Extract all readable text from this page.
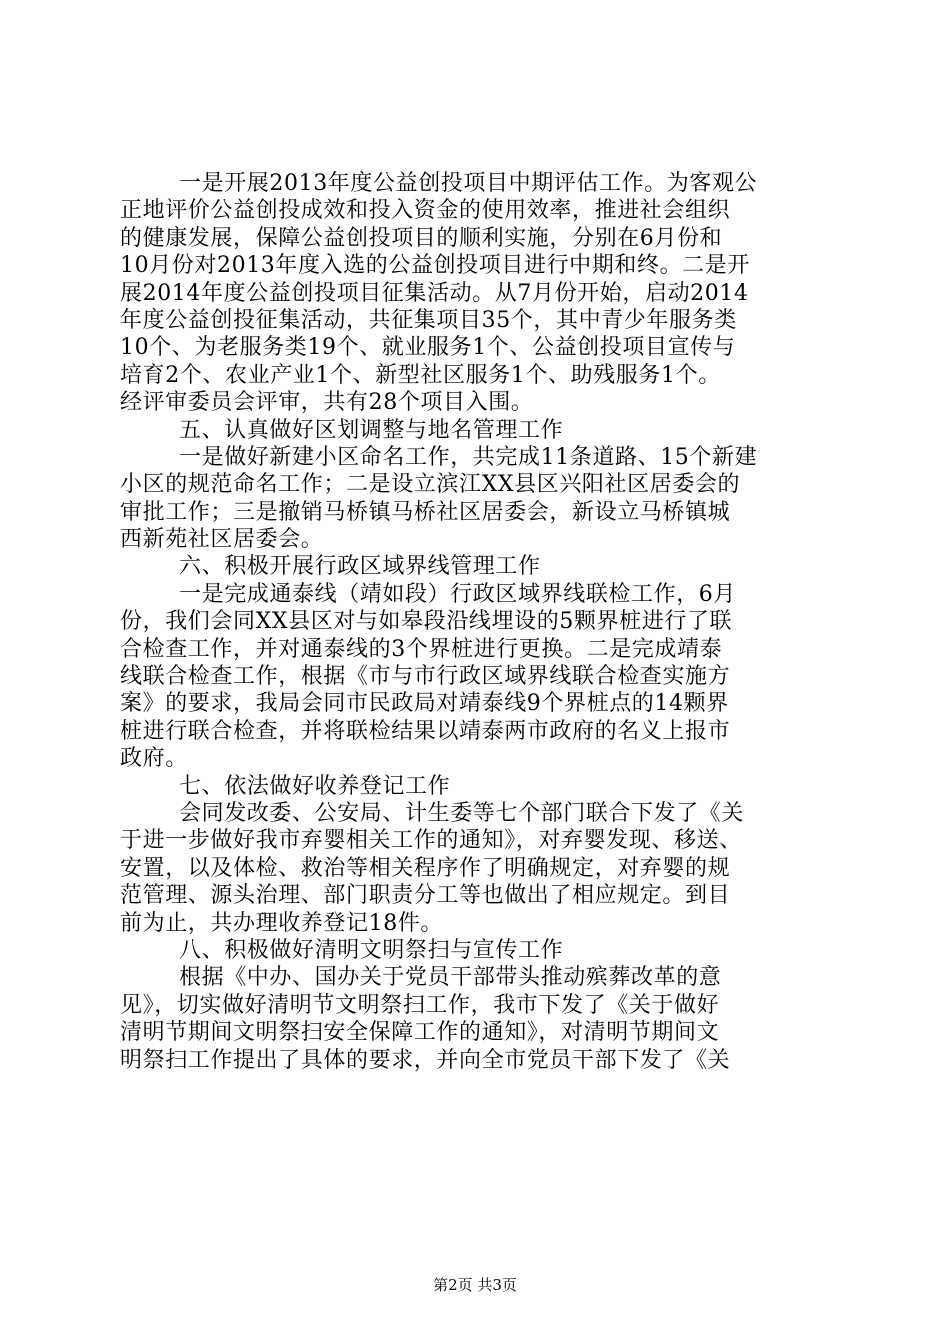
一是开展2013年度公益创投项目中期评估工作。为客观公
正地评价公益创投成效和投入资金的使用效率，推进社会组织
的健康发展，保障公益创投项目的顺利实施，分别在6月份和
10月份对2013年度入选的公益创投项目进行中期和终。二是开
展2014年度公益创投项目征集活动。从7月份开始，启动2014
年度公益创投征集活动，共征集项目35个，其中青少年服务类
10个、为老服务类19个、就业服务1个、公益创投项目宣传与
培育2个、农业产业1个、新型社区服务1个、助残服务1个。
经评审委员会评审，共有28个项目入围。
五、认真做好区划调整与地名管理工作
一是做好新建小区命名工作，共完成11条道路、15个新建
小区的规范命名工作；二是设立滨江XX县区兴阳社区居委会的
审批工作；三是撤销马桥镇马桥社区居委会，新设立马桥镇城
西新苑社区居委会。
六、积极开展行政区域界线管理工作
一是完成通泰线（靖如段）行政区域界线联检工作，6月
份，我们会同XX县区对与如皋段沿线埋设的5颗界桩进行了联
合检查工作，并对通泰线的3个界桩进行更换。二是完成靖泰
线联合检查工作，根据《市与市行政区域界线联合检查实施方
案》的要求，我局会同市民政局对靖泰线9个界桩点的14颗界
桩进行联合检查，并将联检结果以靖泰两市政府的名义上报市
政府。
七、依法做好收养登记工作
会同发改委、公安局、计生委等七个部门联合下发了《关
于进一步做好我市弃婴相关工作的通知》，对弃婴发现、移送、
安置，以及体检、救治等相关程序作了明确规定，对弃婴的规
范管理、源头治理、部门职责分工等也做出了相应规定。到目
前为止，共办理收养登记18件。
八、积极做好清明文明祭扫与宣传工作
根据《中办、国办关于党员干部带头推动殡葬改革的意
见》，切实做好清明节文明祭扫工作，我市下发了《关于做好
清明节期间文明祭扫安全保障工作的通知》，对清明节期间文
明祭扫工作提出了具体的要求，并向全市党员干部下发了《关
第2页 共3页
